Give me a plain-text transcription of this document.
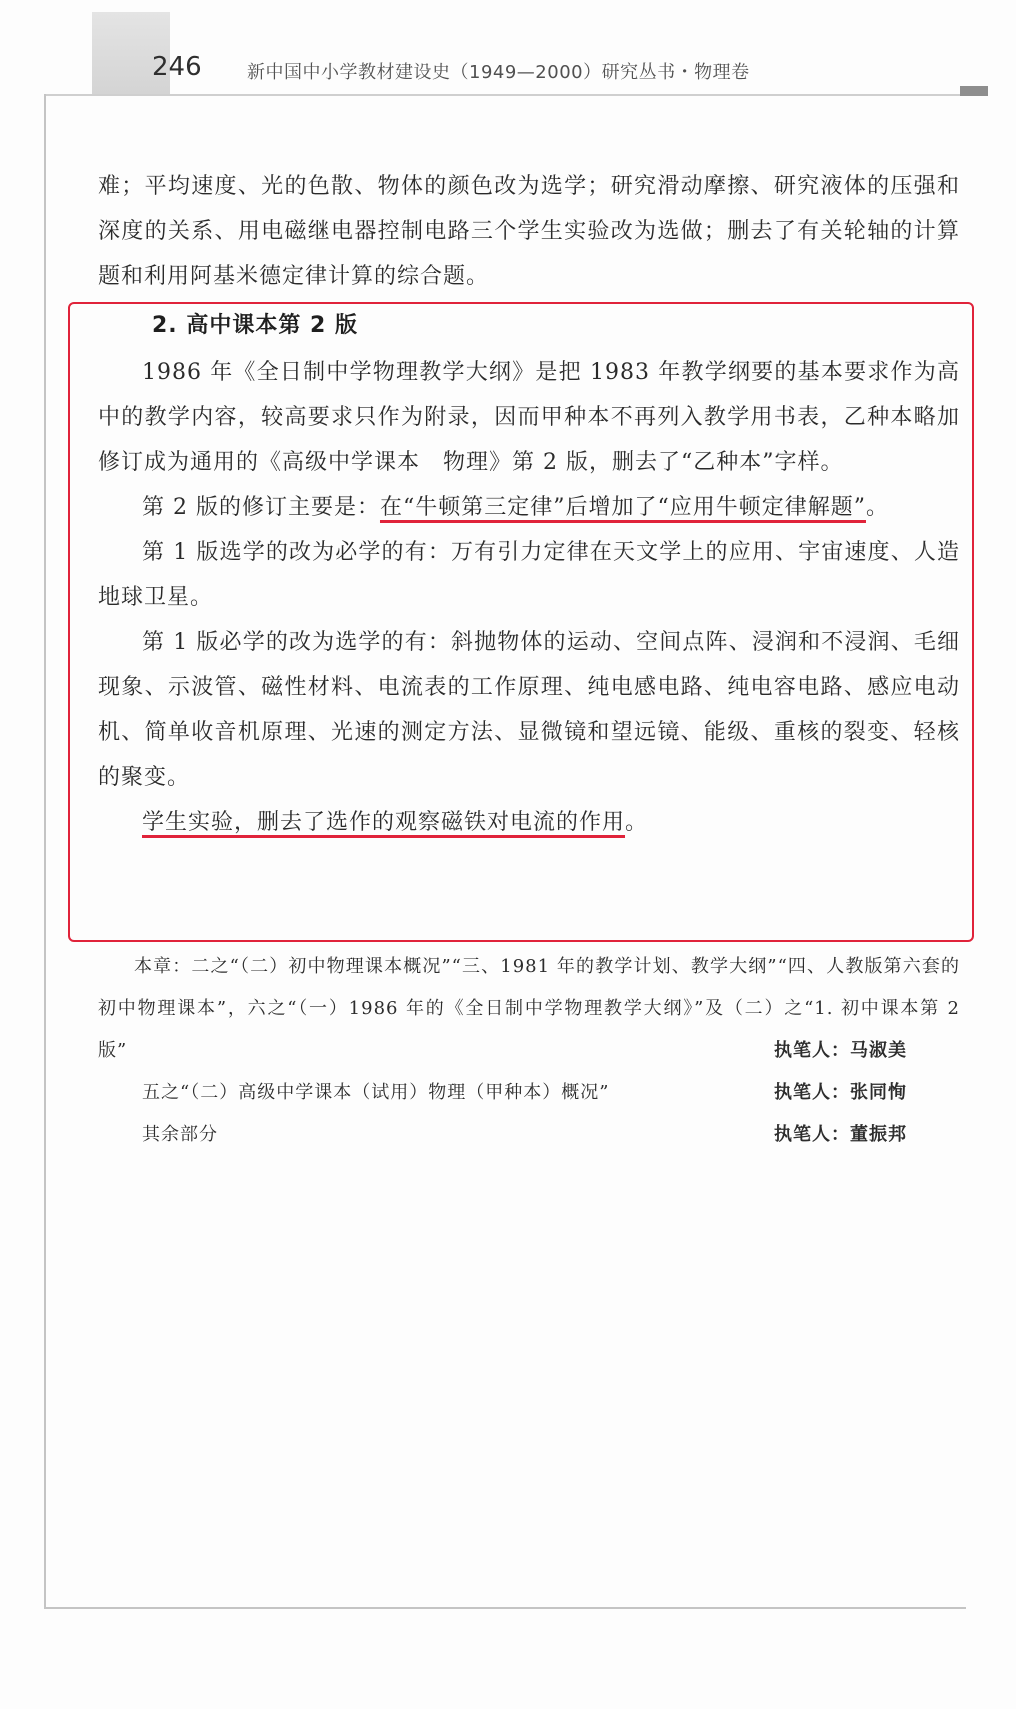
246	新中国中小学教材建设史（1949—2000）研究丛书・物理卷

难；平均速度、光的色散、物体的颜色改为选学；研究滑动摩擦、研究液体的压强和深度的关系、用电磁继电器控制电路三个学生实验改为选做；删去了有关轮轴的计算题和利用阿基米德定律计算的综合题。

2. 高中课本第 2 版

1986 年《全日制中学物理教学大纲》是把 1983 年教学纲要的基本要求作为高中的教学内容，较高要求只作为附录，因而甲种本不再列入教学用书表，乙种本略加修订成为通用的《高级中学课本　物理》第 2 版，删去了“乙种本”字样。

第 2 版的修订主要是：在“牛顿第三定律”后增加了“应用牛顿定律解题”。

第 1 版选学的改为必学的有：万有引力定律在天文学上的应用、宇宙速度、人造地球卫星。

第 1 版必学的改为选学的有：斜抛物体的运动、空间点阵、浸润和不浸润、毛细现象、示波管、磁性材料、电流表的工作原理、纯电感电路、纯电容电路、感应电动机、简单收音机原理、光速的测定方法、显微镜和望远镜、能级、重核的裂变、轻核的聚变。

学生实验，删去了选作的观察磁铁对电流的作用。

本章：二之“（二）初中物理课本概况”“三、1981 年的教学计划、教学大纲”“四、人教版第六套的初中物理课本”，六之“（一）1986 年的《全日制中学物理教学大纲》”及（二）之“1. 初中课本第 2 版”	执笔人：马淑美
五之“（二）高级中学课本（试用）物理（甲种本）概况”	执笔人：张同恂
其余部分	执笔人：董振邦
